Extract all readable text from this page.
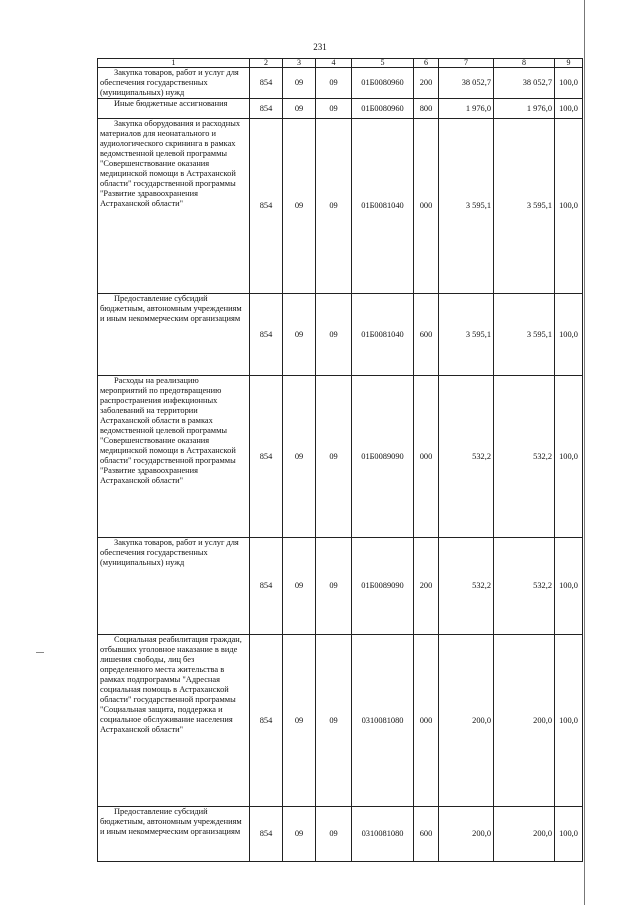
231
1	2	3	4	5	6	7	8	9
Закупка товаров, работ и услуг для обеспечения государственных (муниципальных) нужд	854	09	09	01Б0080960	200	38 052,7	38 052,7	100,0
Иные бюджетные ассигнования	854	09	09	01Б0080960	800	1 976,0	1 976,0	100,0
Закупка оборудования и расходных материалов для неонатального и аудиологического скрининга в рамках ведомственной целевой программы "Совершенствование оказания медицинской помощи в Астраханской области" государственной программы "Развитие здравоохранения Астраханской области"	854	09	09	01Б0081040	000	3 595,1	3 595,1	100,0
Предоставление субсидий бюджетным, автономным учреждениям и иным некоммерческим организациям	854	09	09	01Б0081040	600	3 595,1	3 595,1	100,0
Расходы на реализацию мероприятий по предотвращению распространения инфекционных заболеваний на территории Астраханской области в рамках ведомственной целевой программы "Совершенствование оказания медицинской помощи в Астраханской области" государственной программы "Развитие здравоохранения Астраханской области"	854	09	09	01Б0089090	000	532,2	532,2	100,0
Закупка товаров, работ и услуг для обеспечения государственных (муниципальных) нужд	854	09	09	01Б0089090	200	532,2	532,2	100,0
Социальная реабилитация граждан, отбывших уголовное наказание в виде лишения свободы, лиц без определенного места жительства в рамках подпрограммы "Адресная социальная помощь в Астраханской области" государственной программы "Социальная защита, поддержка и социальное обслуживание населения Астраханской области"	854	09	09	0310081080	000	200,0	200,0	100,0
Предоставление субсидий бюджетным, автономным учреждениям и иным некоммерческим организациям	854	09	09	0310081080	600	200,0	200,0	100,0
